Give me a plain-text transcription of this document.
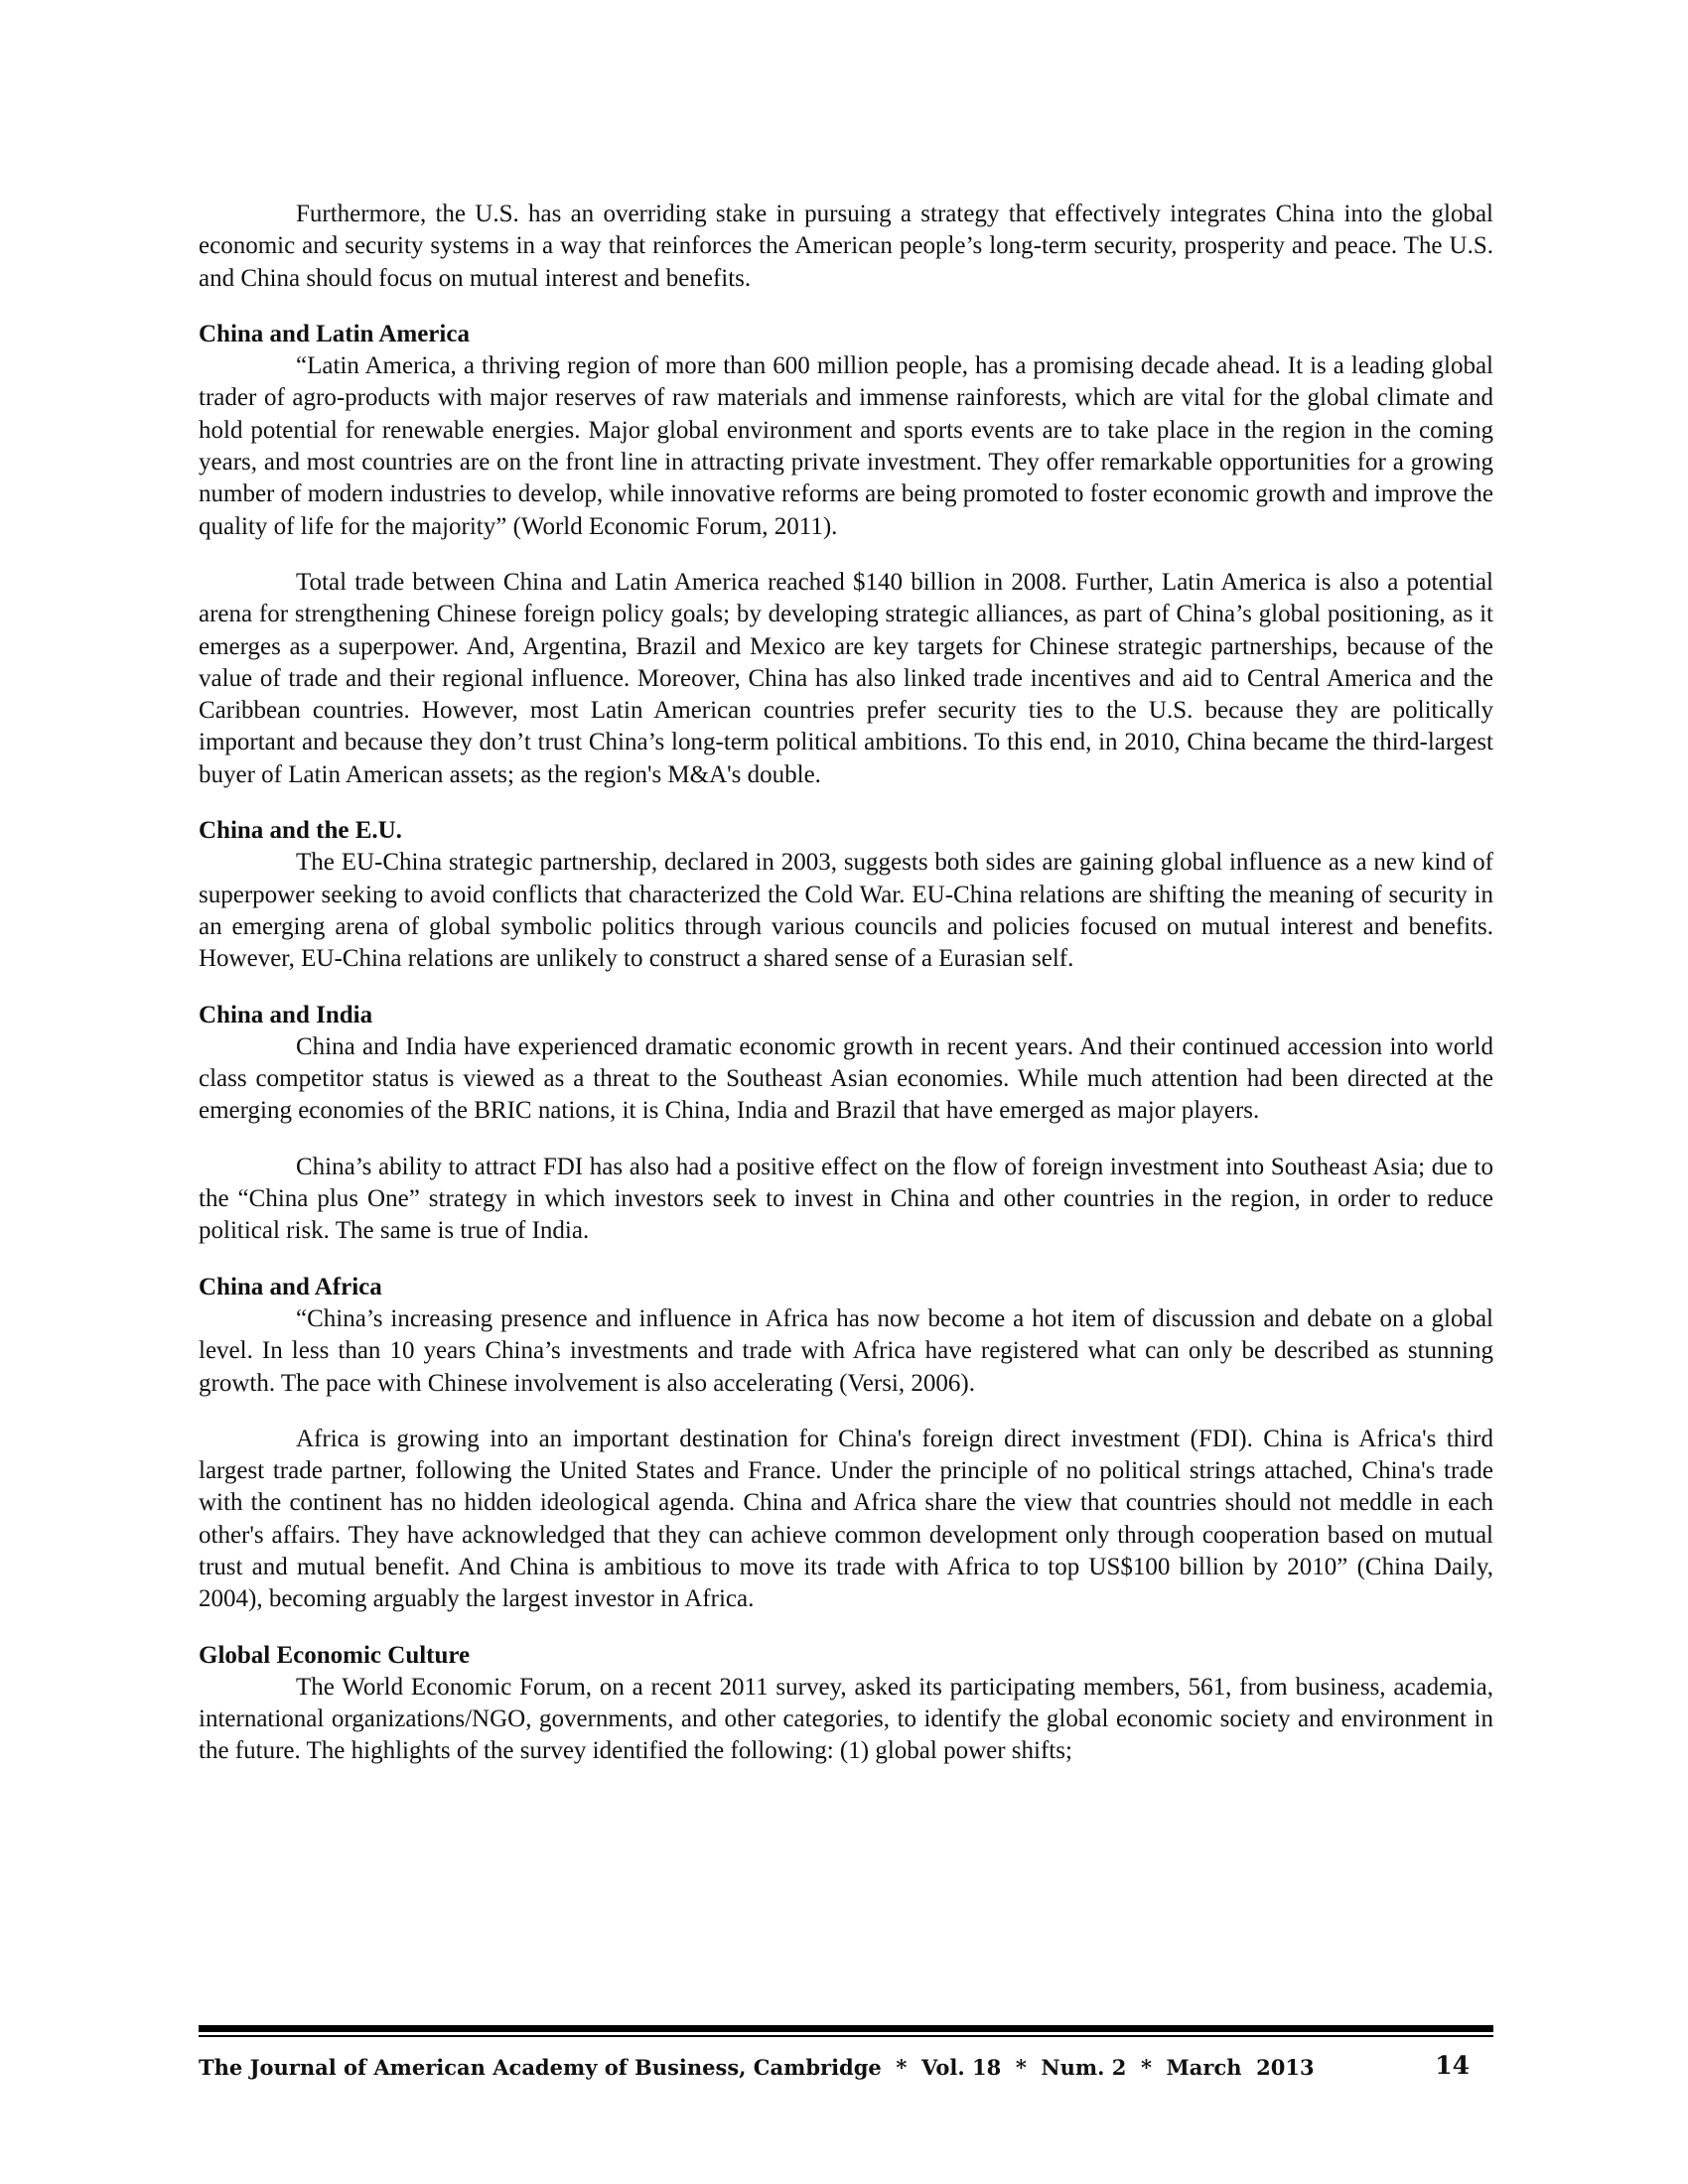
Furthermore, the U.S. has an overriding stake in pursuing a strategy that effectively integrates China into the global economic and security systems in a way that reinforces the American people’s long-term security, prosperity and peace. The U.S. and China should focus on mutual interest and benefits.

China and Latin America

“Latin America, a thriving region of more than 600 million people, has a promising decade ahead. It is a leading global trader of agro-products with major reserves of raw materials and immense rainforests, which are vital for the global climate and hold potential for renewable energies. Major global environment and sports events are to take place in the region in the coming years, and most countries are on the front line in attracting private investment. They offer remarkable opportunities for a growing number of modern industries to develop, while innovative reforms are being promoted to foster economic growth and improve the quality of life for the majority” (World Economic Forum, 2011).

Total trade between China and Latin America reached $140 billion in 2008. Further, Latin America is also a potential arena for strengthening Chinese foreign policy goals; by developing strategic alliances, as part of China’s global positioning, as it emerges as a superpower. And, Argentina, Brazil and Mexico are key targets for Chinese strategic partnerships, because of the value of trade and their regional influence. Moreover, China has also linked trade incentives and aid to Central America and the Caribbean countries. However, most Latin American countries prefer security ties to the U.S. because they are politically important and because they don’t trust China’s long-term political ambitions. To this end, in 2010, China became the third-largest buyer of Latin American assets; as the region's M&A's double.

China and the E.U.

The EU-China strategic partnership, declared in 2003, suggests both sides are gaining global influence as a new kind of superpower seeking to avoid conflicts that characterized the Cold War. EU-China relations are shifting the meaning of security in an emerging arena of global symbolic politics through various councils and policies focused on mutual interest and benefits. However, EU-China relations are unlikely to construct a shared sense of a Eurasian self.

China and India

China and India have experienced dramatic economic growth in recent years. And their continued accession into world class competitor status is viewed as a threat to the Southeast Asian economies. While much attention had been directed at the emerging economies of the BRIC nations, it is China, India and Brazil that have emerged as major players.

China’s ability to attract FDI has also had a positive effect on the flow of foreign investment into Southeast Asia; due to the “China plus One” strategy in which investors seek to invest in China and other countries in the region, in order to reduce political risk. The same is true of India.

China and Africa

“China’s increasing presence and influence in Africa has now become a hot item of discussion and debate on a global level. In less than 10 years China’s investments and trade with Africa have registered what can only be described as stunning growth. The pace with Chinese involvement is also accelerating (Versi, 2006).

Africa is growing into an important destination for China's foreign direct investment (FDI). China is Africa's third largest trade partner, following the United States and France. Under the principle of no political strings attached, China's trade with the continent has no hidden ideological agenda. China and Africa share the view that countries should not meddle in each other's affairs. They have acknowledged that they can achieve common development only through cooperation based on mutual trust and mutual benefit. And China is ambitious to move its trade with Africa to top US$100 billion by 2010” (China Daily, 2004), becoming arguably the largest investor in Africa.

Global Economic Culture

The World Economic Forum, on a recent 2011 survey, asked its participating members, 561, from business, academia, international organizations/NGO, governments, and other categories, to identify the global economic society and environment in the future. The highlights of the survey identified the following: (1) global power shifts;

The Journal of American Academy of Business, Cambridge  *  Vol. 18  *  Num. 2  *  March  2013	14
